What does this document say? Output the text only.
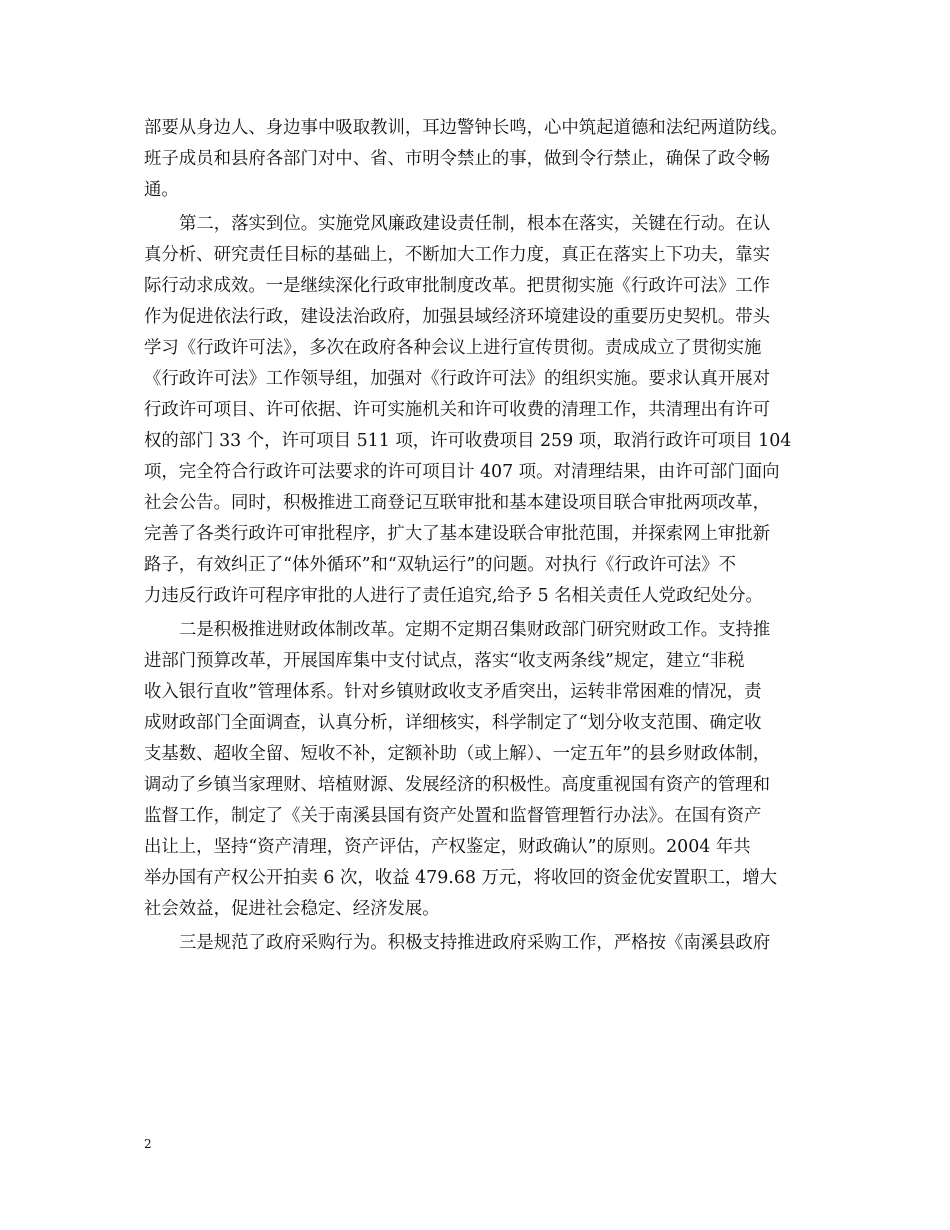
部要从身边人、身边事中吸取教训，耳边警钟长鸣，心中筑起道德和法纪两道防线。
班子成员和县府各部门对中、省、市明令禁止的事，做到令行禁止，确保了政令畅
通。
第二，落实到位。实施党风廉政建设责任制，根本在落实，关键在行动。在认
真分析、研究责任目标的基础上，不断加大工作力度，真正在落实上下功夫，靠实
际行动求成效。一是继续深化行政审批制度改革。把贯彻实施《行政许可法》工作
作为促进依法行政，建设法治政府，加强县域经济环境建设的重要历史契机。带头
学习《行政许可法》，多次在政府各种会议上进行宣传贯彻。责成成立了贯彻实施
《行政许可法》工作领导组，加强对《行政许可法》的组织实施。要求认真开展对
行政许可项目、许可依据、许可实施机关和许可收费的清理工作，共清理出有许可
权的部门 33 个，许可项目 511 项，许可收费项目 259 项，取消行政许可项目 104
项，完全符合行政许可法要求的许可项目计 407 项。对清理结果，由许可部门面向
社会公告。同时，积极推进工商登记互联审批和基本建设项目联合审批两项改革，
完善了各类行政许可审批程序，扩大了基本建设联合审批范围，并探索网上审批新
路子，有效纠正了“体外循环”和“双轨运行”的问题。对执行《行政许可法》不
力违反行政许可程序审批的人进行了责任追究,给予 5 名相关责任人党政纪处分。
二是积极推进财政体制改革。定期不定期召集财政部门研究财政工作。支持推
进部门预算改革，开展国库集中支付试点，落实“收支两条线”规定，建立“非税
收入银行直收”管理体系。针对乡镇财政收支矛盾突出，运转非常困难的情况，责
成财政部门全面调查，认真分析，详细核实，科学制定了“划分收支范围、确定收
支基数、超收全留、短收不补，定额补助（或上解）、一定五年”的县乡财政体制，
调动了乡镇当家理财、培植财源、发展经济的积极性。高度重视国有资产的管理和
监督工作，制定了《关于南溪县国有资产处置和监督管理暂行办法》。在国有资产
出让上，坚持“资产清理，资产评估，产权鉴定，财政确认”的原则。2004 年共
举办国有产权公开拍卖 6 次，收益 479.68 万元，将收回的资金优安置职工，增大
社会效益，促进社会稳定、经济发展。
三是规范了政府采购行为。积极支持推进政府采购工作，严格按《南溪县政府
2
